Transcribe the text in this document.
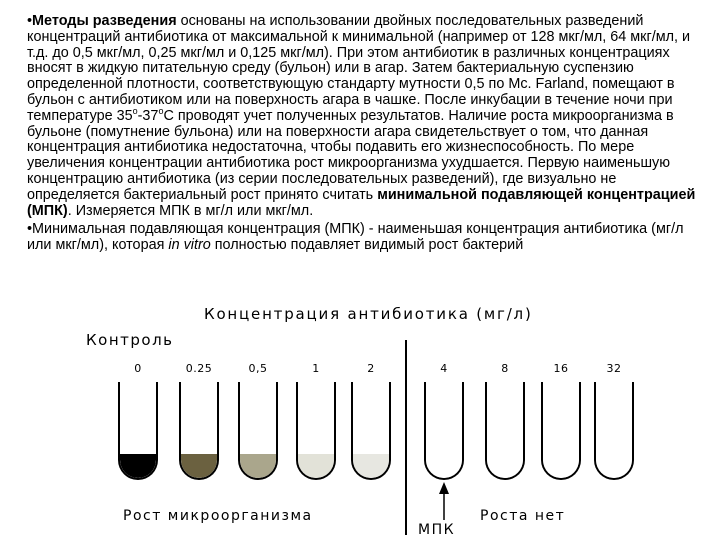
•Методы разведения основаны на использовании двойных последовательных разведений концентраций антибиотика от максимальной к минимальной (например от 128 мкг/мл, 64 мкг/мл, и т.д. до 0,5 мкг/мл, 0,25 мкг/мл и 0,125 мкг/мл). При этом антибиотик в различных концентрациях вносят в жидкую питательную среду (бульон) или в агар. Затем бактериальную суспензию определенной плотности, соответствующую стандарту мутности 0,5 по Mc. Farland, помещают в бульон с антибиотиком или на поверхность агара в чашке. После инкубации в течение ночи при температуре $35^о-37^оС$ проводят учет полученных результатов. Наличие роста микроорганизма в бульоне (помутнение бульона) или на поверхности агара свидетельствует о том, что данная концентрация антибиотика недостаточна, чтобы подавить его жизнеспособность. По мере увеличения концентрации антибиотика рост микроорганизма ухудшается. Первую наименьшую концентрацию антибиотика (из серии последовательных разведений), где визуально не определяется бактериальный рост принято считать минимальной подавляющей концентрацией (МПК). Измеряется МПК в мг/л или мкг/мл.

•Минимальная подавляющая концентрация (МПК) - наименьшая концентрация антибиотика (мг/л или мкг/мл), которая in vitro полностью подавляет видимый рост бактерий

Концентрация антибиотика (мг/л)
Контроль
0	0.25	0,5	1	2	4	8	16	32
Рост микроорганизма	Роста нет
МПК
